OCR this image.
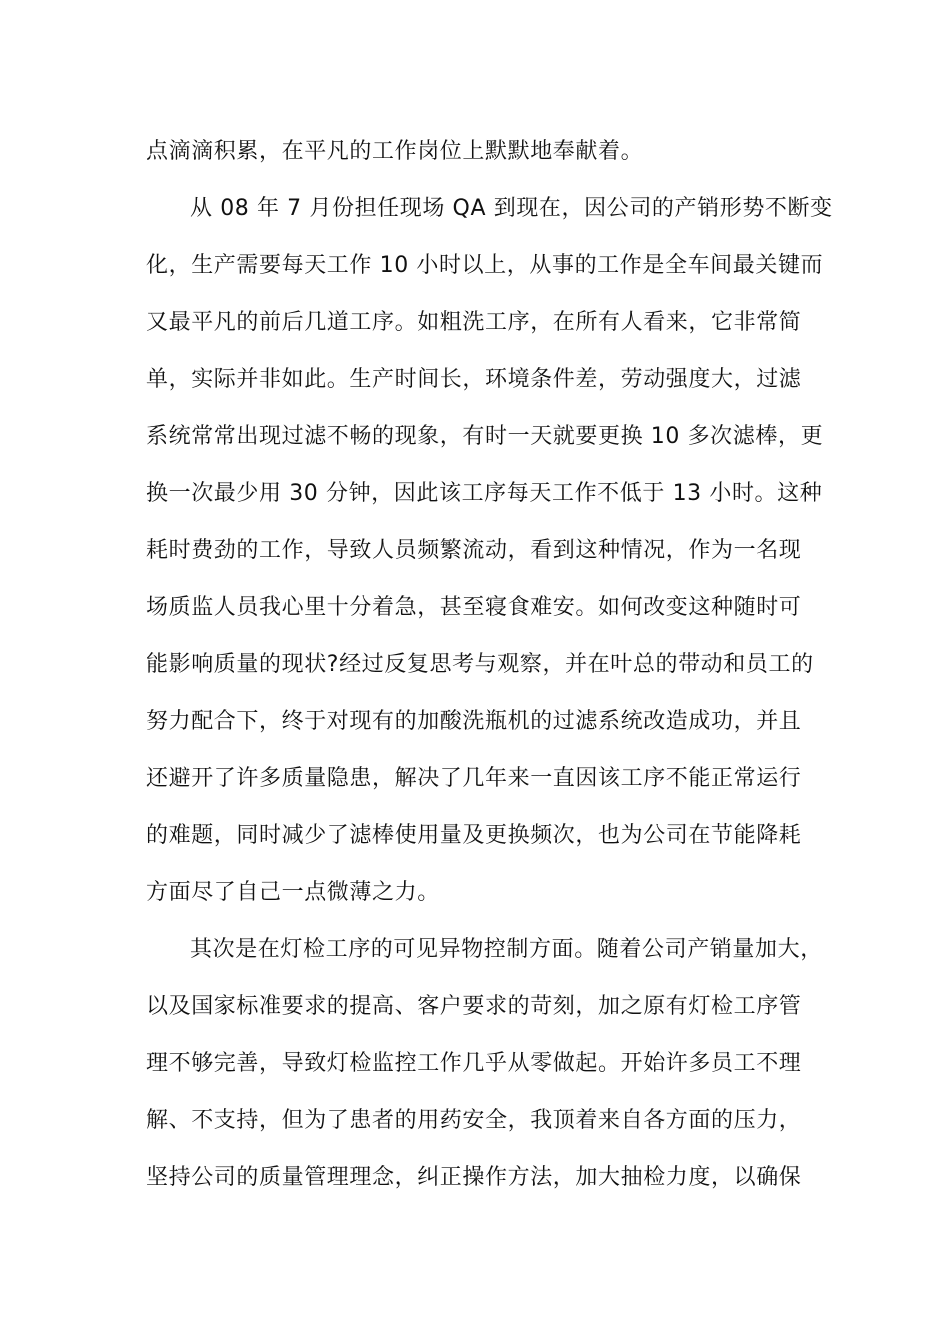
点滴滴积累，在平凡的工作岗位上默默地奉献着。
从 08 年 7 月份担任现场 QA 到现在，因公司的产销形势不断变
化，生产需要每天工作 10 小时以上，从事的工作是全车间最关键而
又最平凡的前后几道工序。如粗洗工序，在所有人看来，它非常简
单，实际并非如此。生产时间长，环境条件差，劳动强度大，过滤
系统常常出现过滤不畅的现象，有时一天就要更换 10 多次滤棒，更
换一次最少用 30 分钟，因此该工序每天工作不低于 13 小时。这种
耗时费劲的工作，导致人员频繁流动，看到这种情况，作为一名现
场质监人员我心里十分着急，甚至寝食难安。如何改变这种随时可
能影响质量的现状?经过反复思考与观察，并在叶总的带动和员工的
努力配合下，终于对现有的加酸洗瓶机的过滤系统改造成功，并且
还避开了许多质量隐患，解决了几年来一直因该工序不能正常运行
的难题，同时减少了滤棒使用量及更换频次，也为公司在节能降耗
方面尽了自己一点微薄之力。
其次是在灯检工序的可见异物控制方面。随着公司产销量加大，
以及国家标准要求的提高、客户要求的苛刻，加之原有灯检工序管
理不够完善，导致灯检监控工作几乎从零做起。开始许多员工不理
解、不支持，但为了患者的用药安全，我顶着来自各方面的压力，
坚持公司的质量管理理念，纠正操作方法，加大抽检力度，以确保
